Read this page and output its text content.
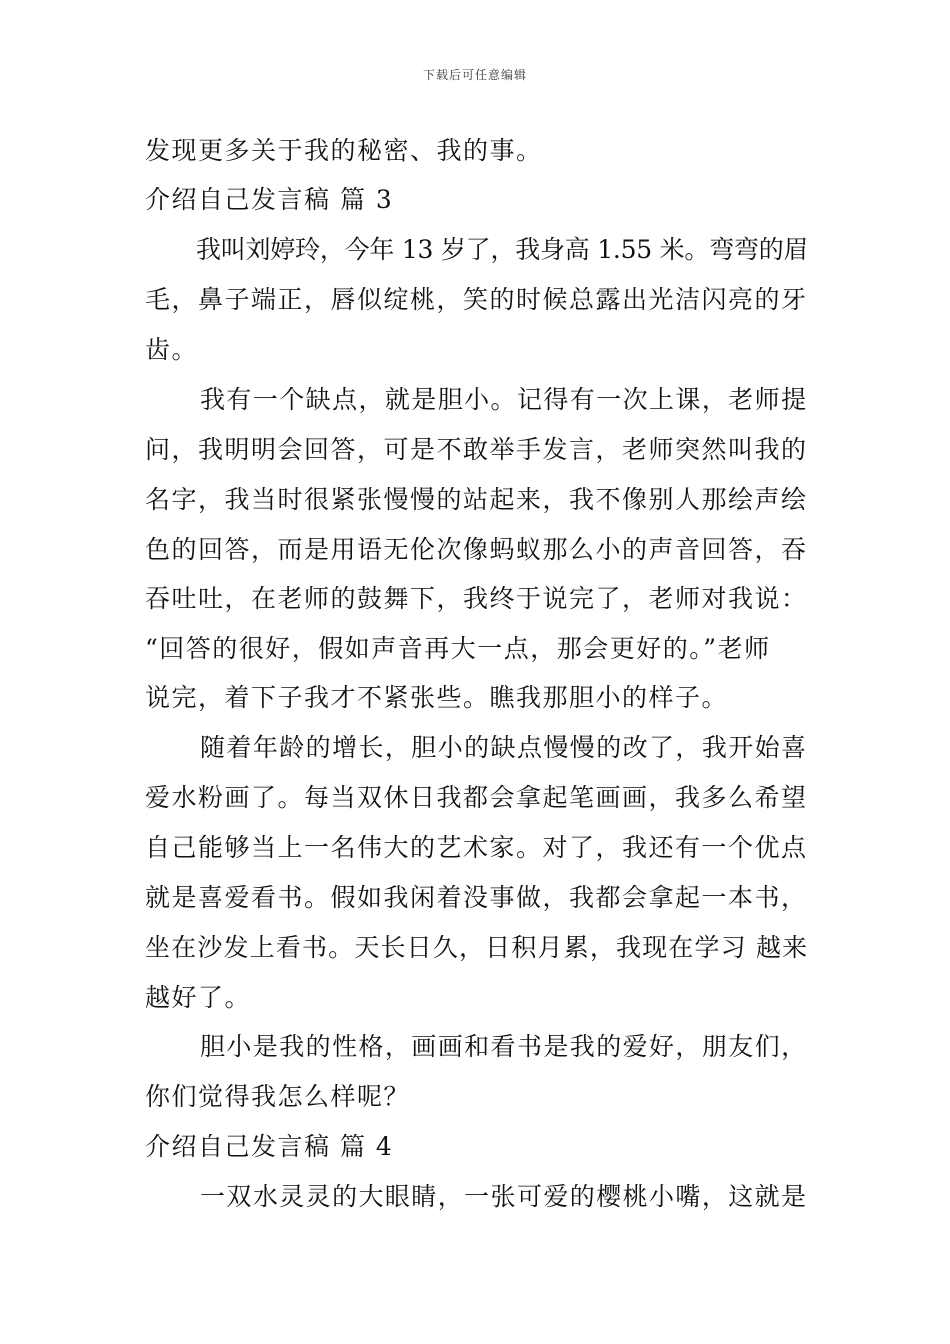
下载后可任意编辑
发现更多关于我的秘密、我的事。
介绍自己发言稿 篇 3
我叫刘婷玲，今年 13 岁了，我身高 1.55 米。弯弯的眉
毛，鼻子端正，唇似绽桃，笑的时候总露出光洁闪亮的牙
齿。
我有一个缺点，就是胆小。记得有一次上课，老师提
问，我明明会回答，可是不敢举手发言，老师突然叫我的
名字，我当时很紧张慢慢的站起来，我不像别人那绘声绘
色的回答，而是用语无伦次像蚂蚁那么小的声音回答，吞
吞吐吐，在老师的鼓舞下，我终于说完了，老师对我说：
“回答的很好，假如声音再大一点，那会更好的。”老师
说完，着下子我才不紧张些。瞧我那胆小的样子。
随着年龄的增长，胆小的缺点慢慢的改了，我开始喜
爱水粉画了。每当双休日我都会拿起笔画画，我多么希望
自己能够当上一名伟大的艺术家。对了，我还有一个优点
就是喜爱看书。假如我闲着没事做，我都会拿起一本书，
坐在沙发上看书。天长日久，日积月累，我现在学习 越来
越好了。
胆小是我的性格，画画和看书是我的爱好，朋友们，
你们觉得我怎么样呢？
介绍自己发言稿 篇 4
一双水灵灵的大眼睛，一张可爱的樱桃小嘴，这就是
